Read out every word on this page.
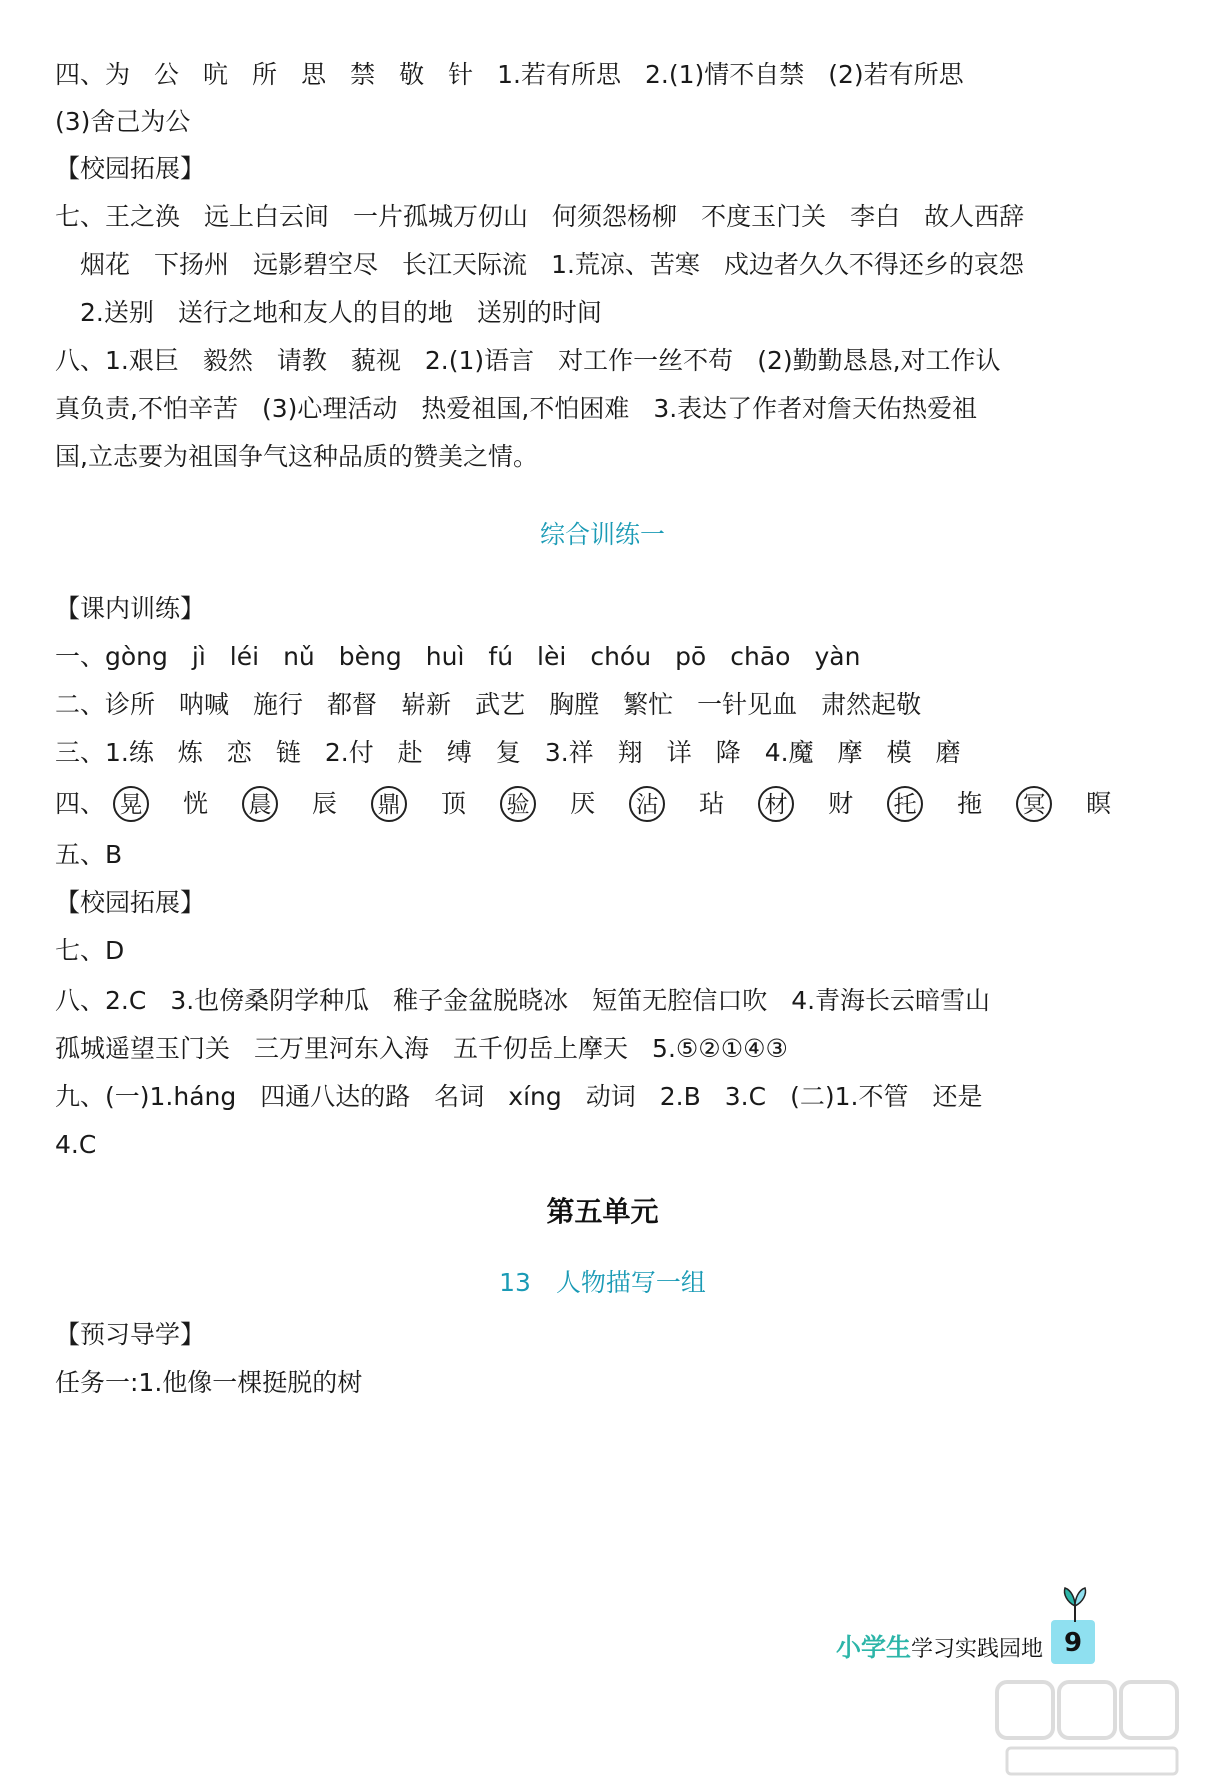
四、为 公 吭 所 思 禁 敬 针 1.若有所思 2.(1)情不自禁 (2)若有所思
(3)舍己为公
【校园拓展】
七、王之涣 远上白云间 一片孤城万仞山 何须怨杨柳 不度玉门关 李白 故人西辞
烟花 下扬州 远影碧空尽 长江天际流 1.荒凉、苦寒 戍边者久久不得还乡的哀怨
2.送别 送行之地和友人的目的地 送别的时间
八、1.艰巨 毅然 请教 藐视 2.(1)语言 对工作一丝不苟 (2)勤勤恳恳,对工作认
真负责,不怕辛苦 (3)心理活动 热爱祖国,不怕困难 3.表达了作者对詹天佑热爱祖
国,立志要为祖国争气这种品质的赞美之情。
综合训练一
【课内训练】
一、gòng jì léi nǔ bèng huì fú lèi chóu pō chāo yàn
二、诊所 呐喊 施行 都督 崭新 武艺 胸膛 繁忙 一针见血 肃然起敬
三、1.练 炼 恋 链 2.付 赴 缚 复 3.祥 翔 详 降 4.魔 摩 模 磨
四、 晃 恍 晨 辰 鼎 顶 验 厌 沾 玷 材 财 托 拖 冥 瞑
五、B
【校园拓展】
七、D
八、2.C 3.也傍桑阴学种瓜 稚子金盆脱晓冰 短笛无腔信口吹 4.青海长云暗雪山
孤城遥望玉门关 三万里河东入海 五千仞岳上摩天 5.⑤②①④③
九、(一)1.háng 四通八达的路 名词 xíng 动词 2.B 3.C (二)1.不管 还是
4.C
第五单元
13　人物描写一组
【预习导学】
任务一:1.他像一棵挺脱的树
小学生学习实践园地 9
